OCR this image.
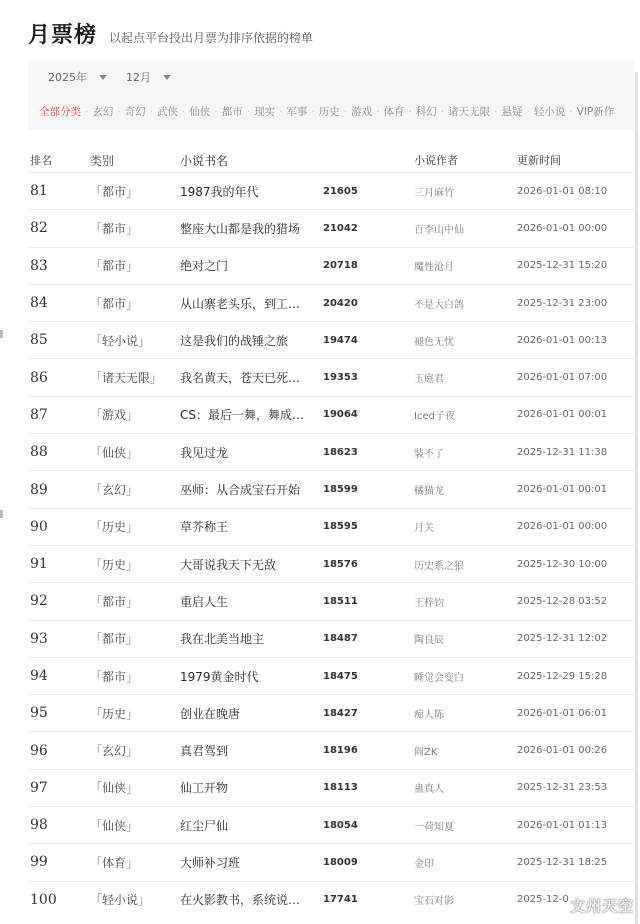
月票榜 以起点平台投出月票为排序依据的榜单
2025年	12月
全部分类 · 玄幻 · 奇幻 · 武侠 · 仙侠 · 都市 · 现实 · 军事 · 历史 · 游戏 · 体育 · 科幻 · 诸天无限 · 悬疑 · 轻小说 · VIP新作
排名	类别	小说书名	小说作者	更新时间
81	「都市」	1987我的年代	21605	三月麻竹	2026-01-01 08:10
82	「都市」	整座大山都是我的猎场	21042	百李山中仙	2026-01-01 00:00
83	「都市」	绝对之门	20718	魔性沧月	2025-12-31 15:20
84	「都市」	从山寨老头乐，到工…	20420	不是大白鸽	2025-12-31 23:00
85	「轻小说」	这是我们的战锤之旅	19474	褪色无忧	2026-01-01 00:13
86	「诸天无限」	我名黄天，苍天已死…	19353	玉庭君	2026-01-01 07:00
87	「游戏」	CS：最后一舞，舞成…	19064	Iced子夜	2026-01-01 00:01
88	「仙侠」	我见过龙	18623	装不了	2025-12-31 11:38
89	「玄幻」	巫师：从合成宝石开始	18599	橘猫龙	2026-01-01 00:01
90	「历史」	草芥称王	18595	月关	2026-01-01 00:00
91	「历史」	大哥说我天下无敌	18576	历史系之狼	2025-12-30 10:00
92	「都市」	重启人生	18511	王梓钧	2025-12-28 03:52
93	「都市」	我在北美当地主	18487	陶良辰	2025-12-31 12:02
94	「都市」	1979黄金时代	18475	睡觉会变白	2025-12-29 15:28
95	「历史」	创业在晚唐	18427	痴人陈	2026-01-01 06:01
96	「玄幻」	真君驾到	18196	阎ZK	2026-01-01 00:26
97	「仙侠」	仙工开物	18113	蛊真人	2025-12-31 23:53
98	「仙侠」	红尘尸仙	18054	一荷知夏	2026-01-01 01:13
99	「体育」	大师补习班	18009	金印	2025-12-31 18:25
100	「轻小说」	在火影教书，系统说…	17741	宝石对影	2025-12-0 文州天空
